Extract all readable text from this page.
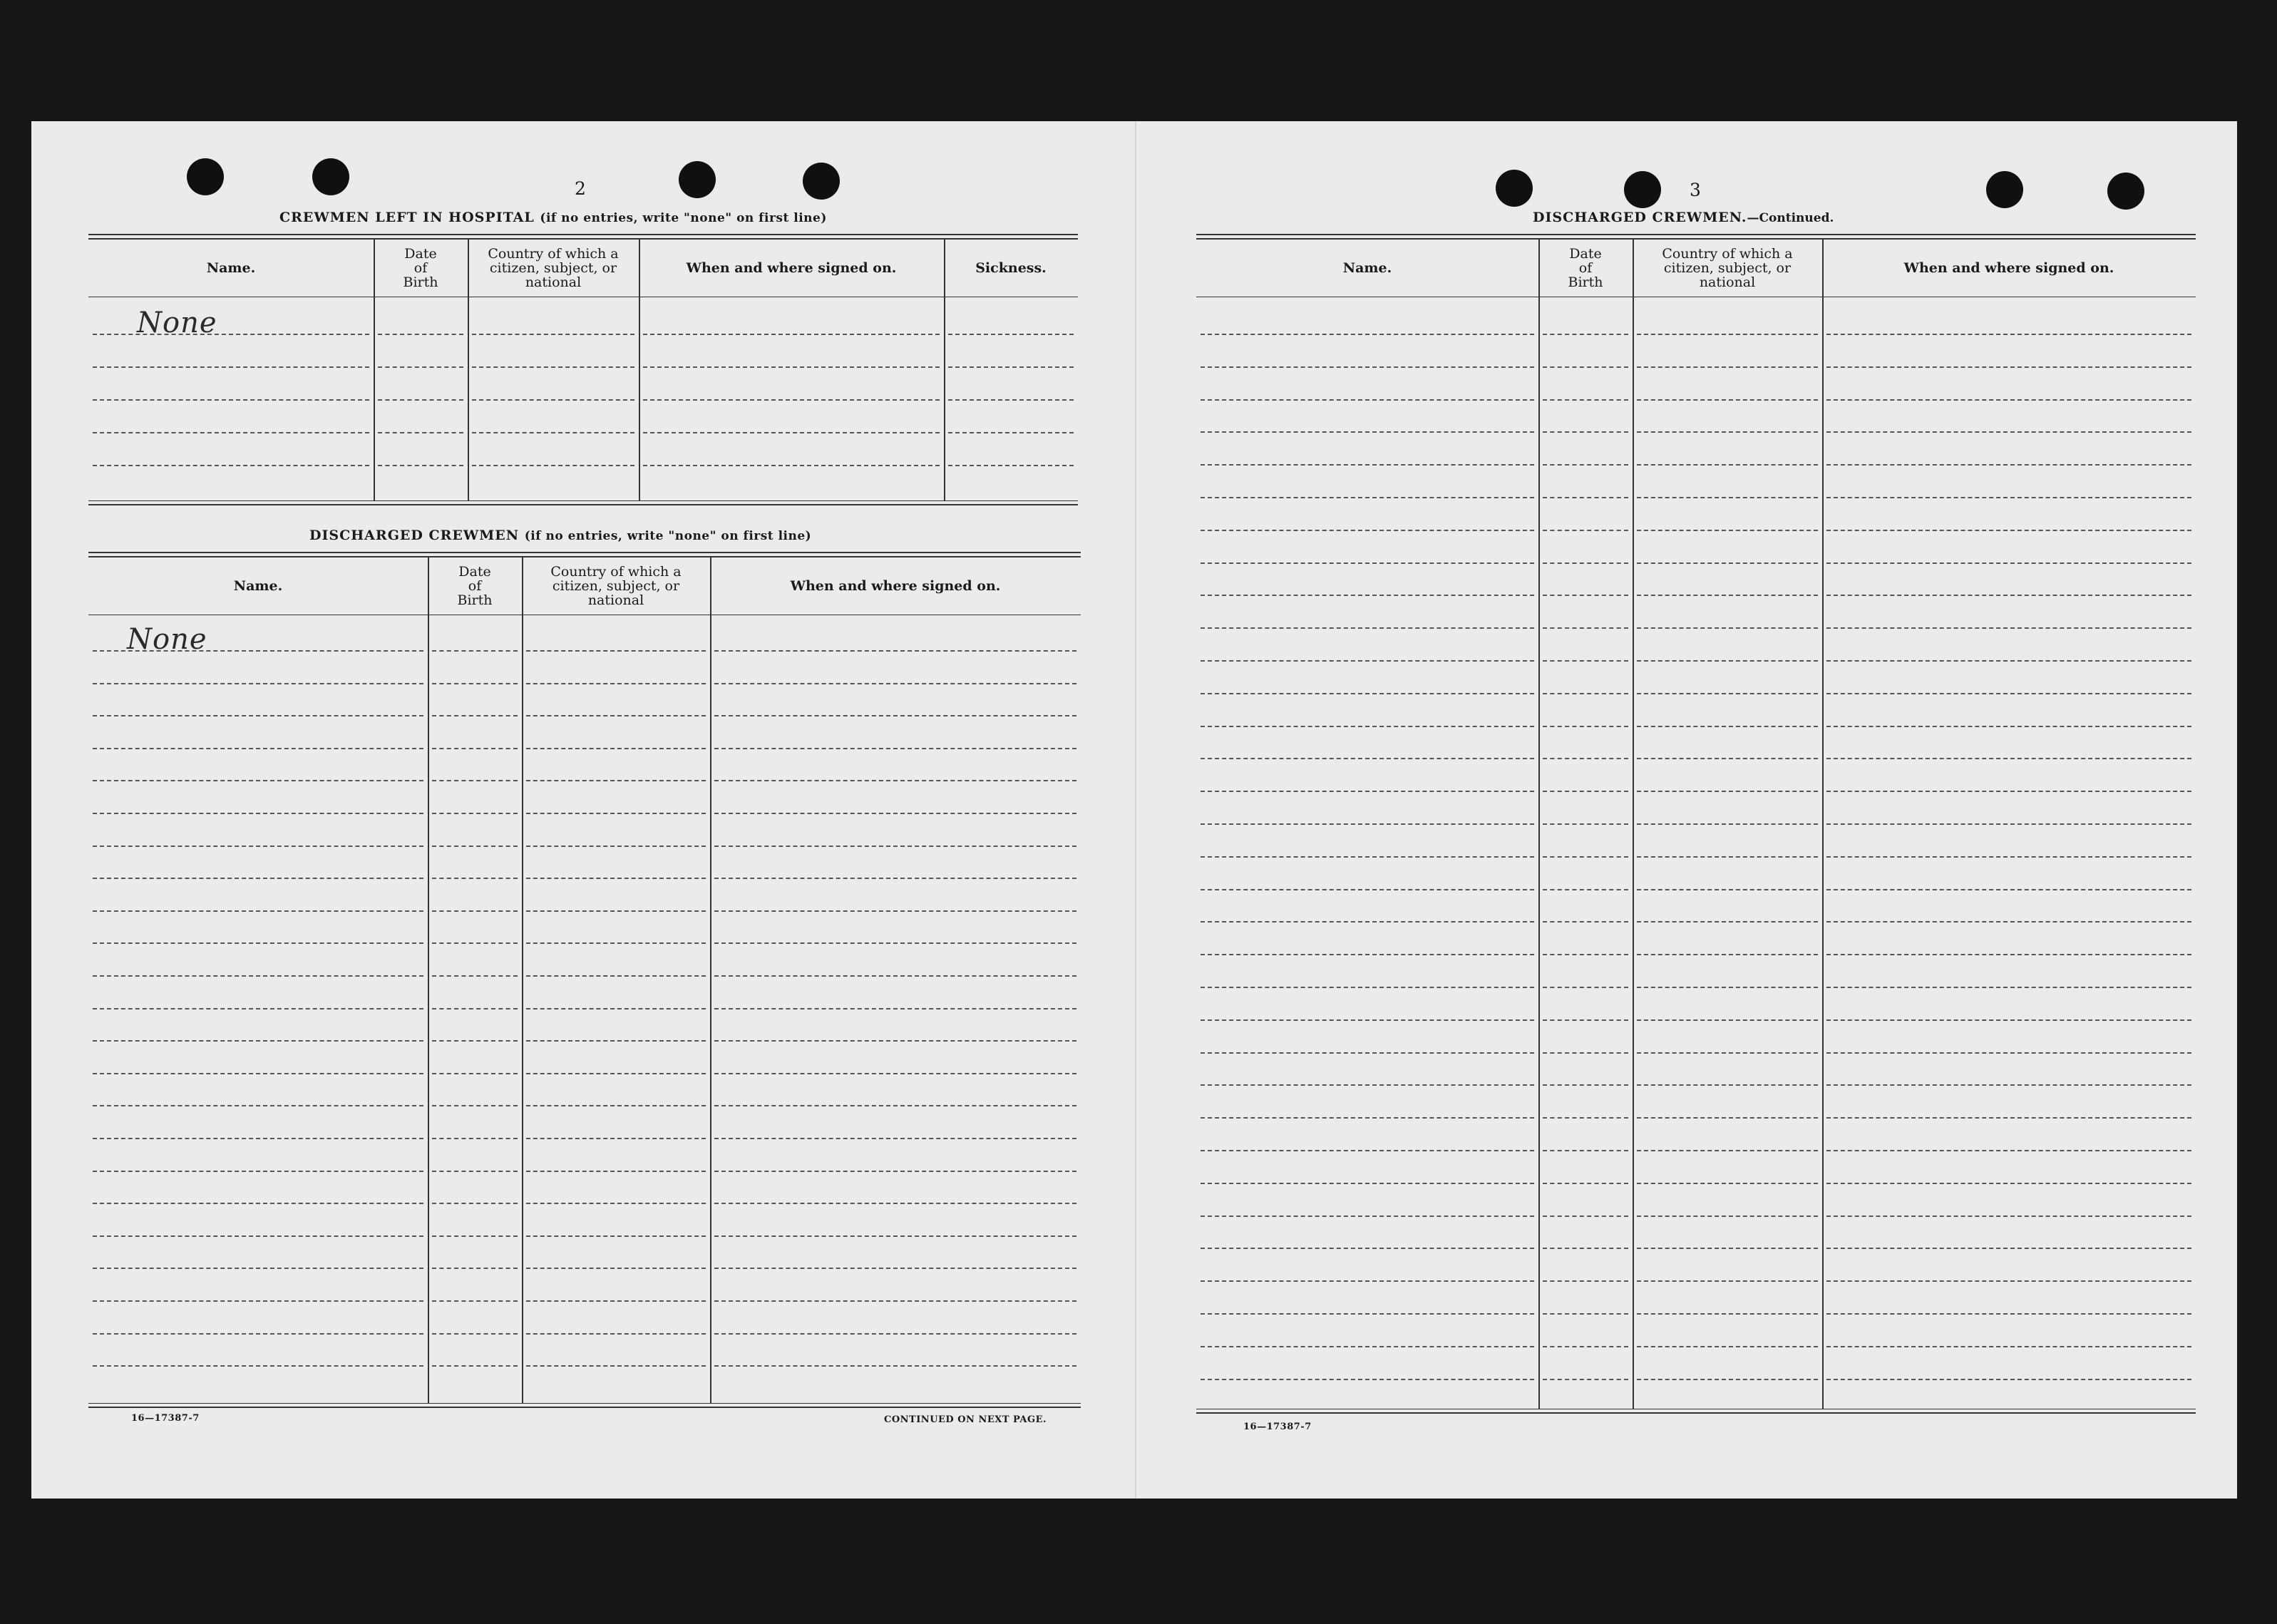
2
CREWMEN LEFT IN HOSPITAL (if no entries, write "none" on first line)
DISCHARGED CREWMEN (if no entries, write "none" on first line)
None
None
16—17387-7	CONTINUED ON NEXT PAGE.
3
DISCHARGED CREWMEN.—Continued.
16—17387-7
Name.
Date
of
Birth
Country of which a
citizen, subject, or
national
When and where signed on.	Sickness.
Name.
Date
of
Birth
Country of which a
citizen, subject, or
national
When and where signed on.
Name.
Date
of
Birth
Country of which a
citizen, subject, or
national
When and where signed on.
